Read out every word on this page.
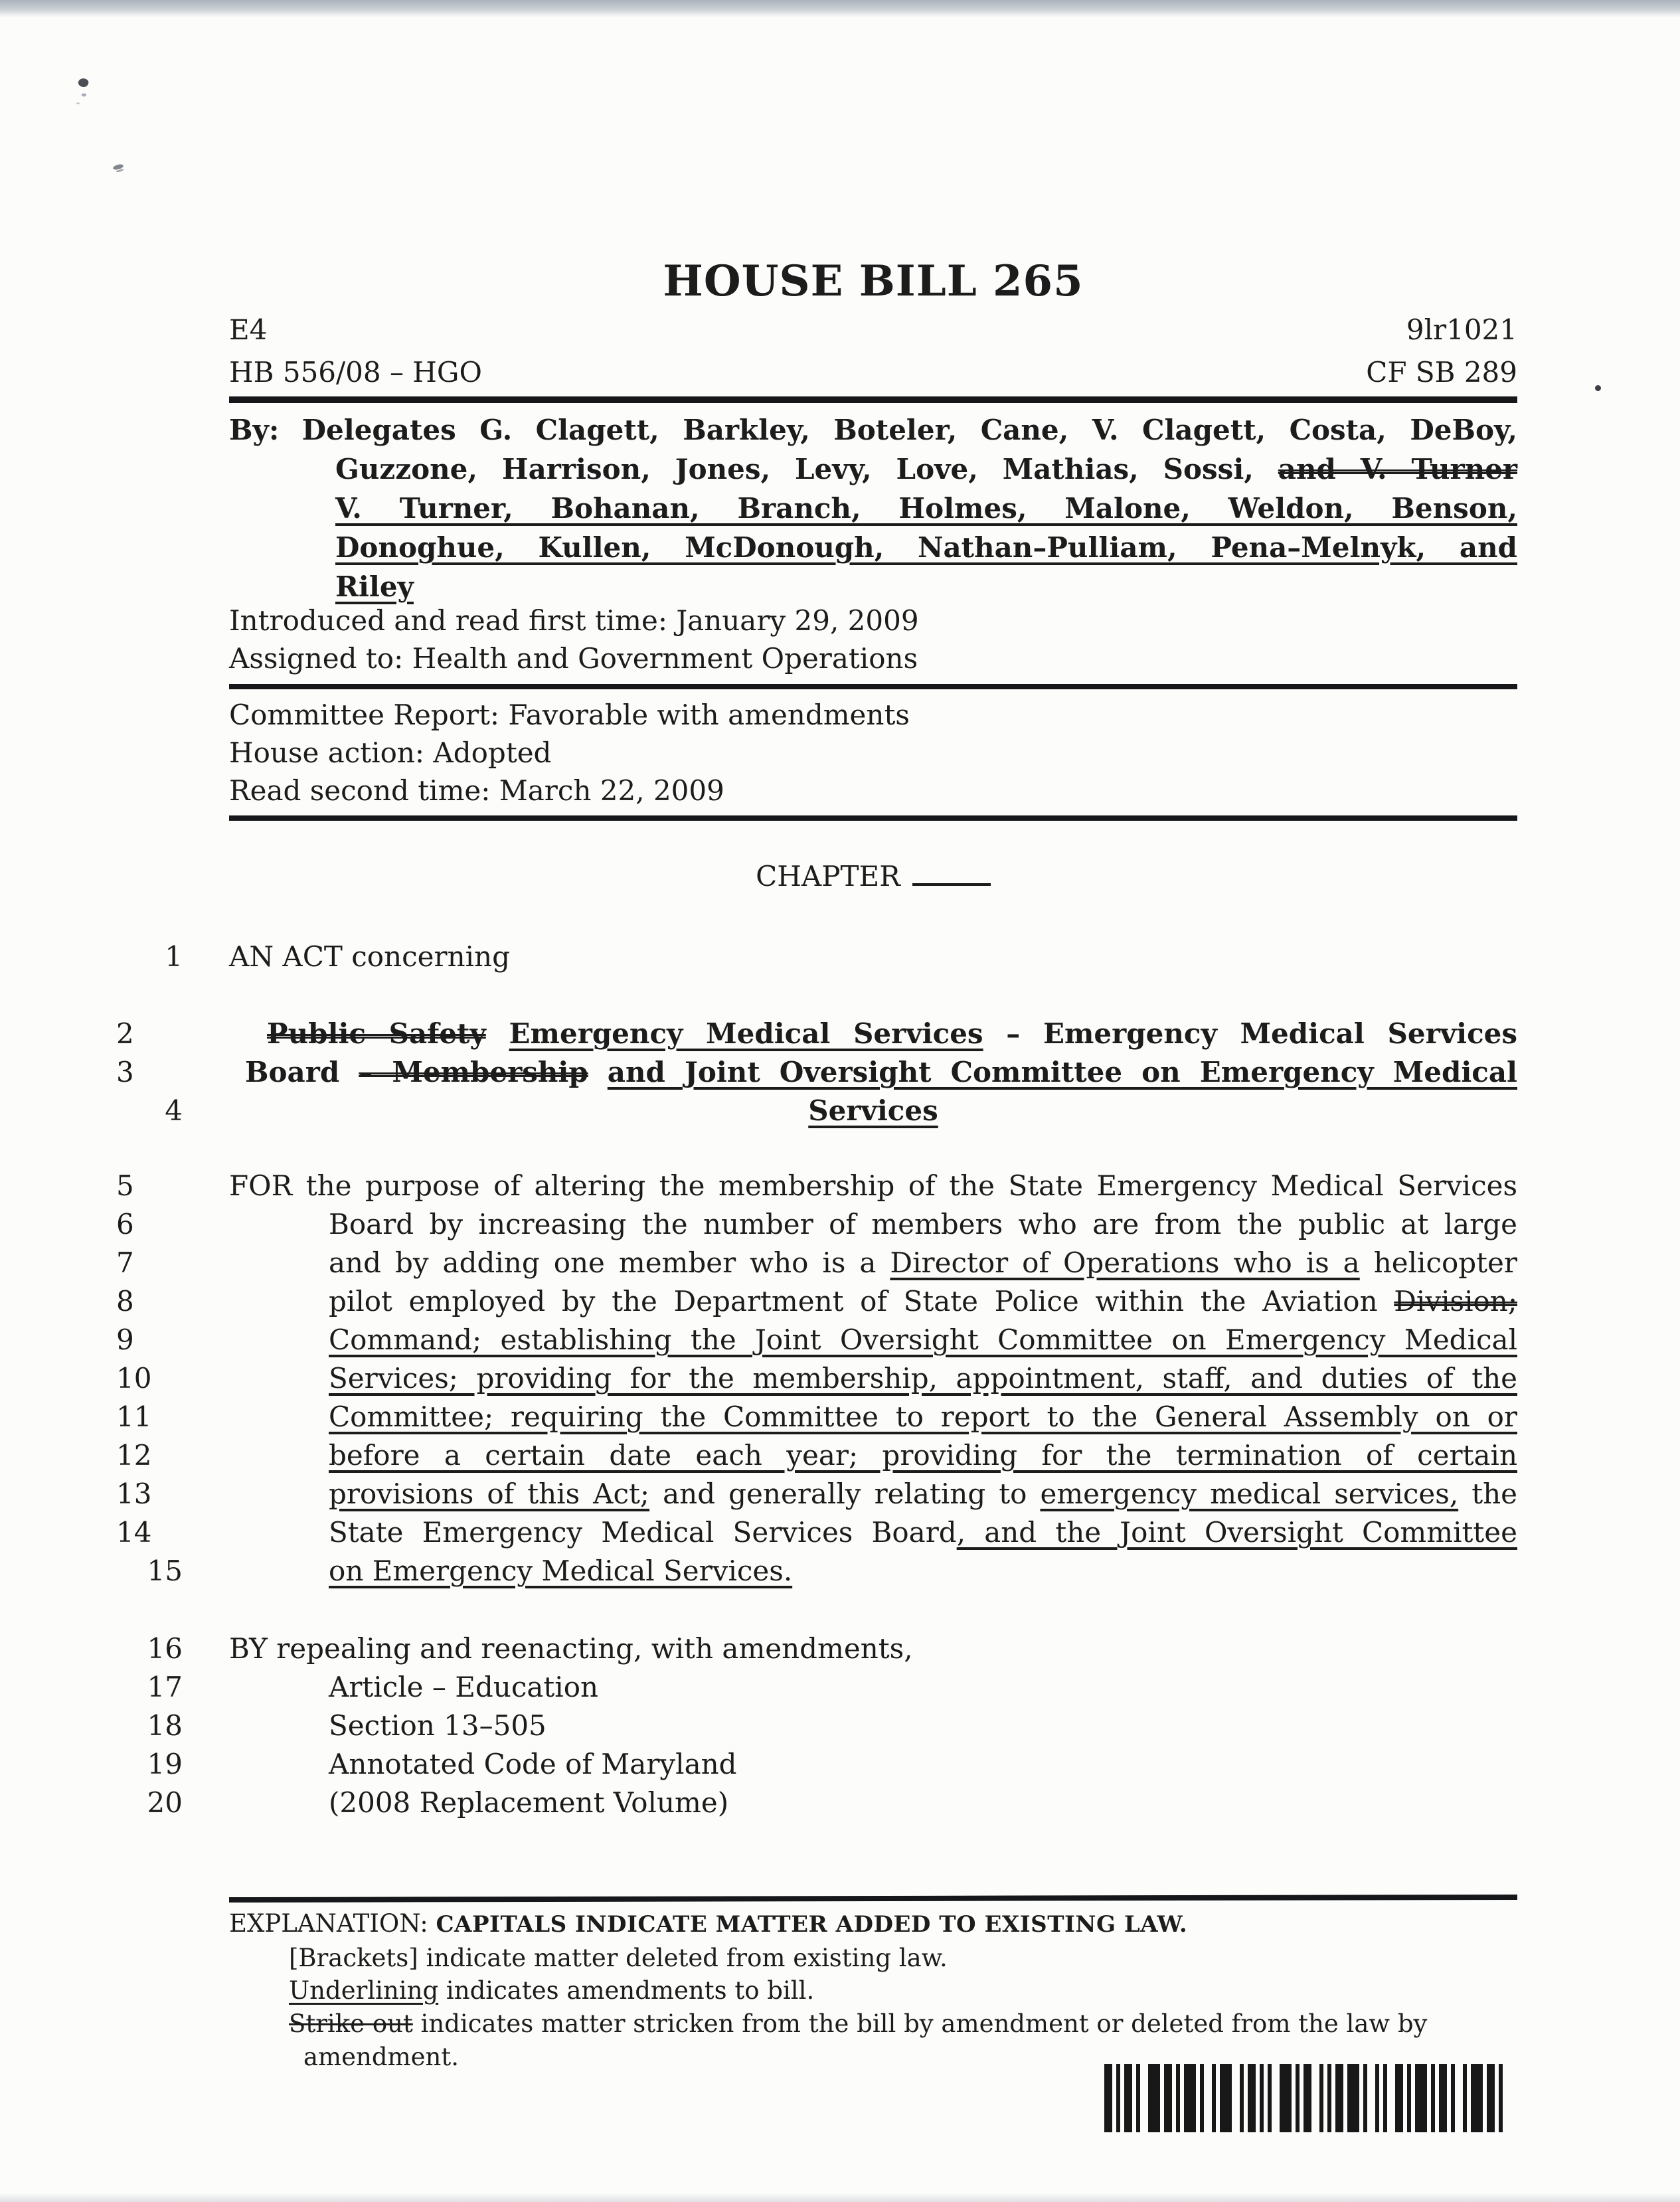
HOUSE BILL 265
E4	9lr1021
HB 556/08 – HGO	CF SB 289
By: Delegates G. Clagett, Barkley, Boteler, Cane, V. Clagett, Costa, DeBoy,
Guzzone, Harrison, Jones, Levy, Love, Mathias, Sossi, and V. Turner
V. Turner, Bohanan, Branch, Holmes, Malone, Weldon, Benson,
Donoghue, Kullen, McDonough, Nathan–Pulliam, Pena–Melnyk, and
Riley
Introduced and read first time: January 29, 2009
Assigned to: Health and Government Operations
Committee Report: Favorable with amendments
House action: Adopted
Read second time: March 22, 2009
CHAPTER
1 AN ACT concerning
2	Public Safety Emergency Medical Services – Emergency Medical Services
3	Board – Membership and Joint Oversight Committee on Emergency Medical
4	Services
5	FOR the purpose of altering the membership of the State Emergency Medical Services
6	Board by increasing the number of members who are from the public at large
7	and by adding one member who is a Director of Operations who is a helicopter
8	pilot employed by the Department of State Police within the Aviation Division;
9	Command; establishing the Joint Oversight Committee on Emergency Medical
10	Services; providing for the membership, appointment, staff, and duties of the
11	Committee; requiring the Committee to report to the General Assembly on or
12	before a certain date each year; providing for the termination of certain
13	provisions of this Act; and generally relating to emergency medical services, the
14	State Emergency Medical Services Board, and the Joint Oversight Committee
15	on Emergency Medical Services.
16 BY repealing and reenacting, with amendments,
17	Article – Education
18	Section 13–505
19	Annotated Code of Maryland
20	(2008 Replacement Volume)
EXPLANATION: CAPITALS INDICATE MATTER ADDED TO EXISTING LAW.
[Brackets] indicate matter deleted from existing law.
Underlining indicates amendments to bill.
Strike out indicates matter stricken from the bill by amendment or deleted from the law by
amendment.
